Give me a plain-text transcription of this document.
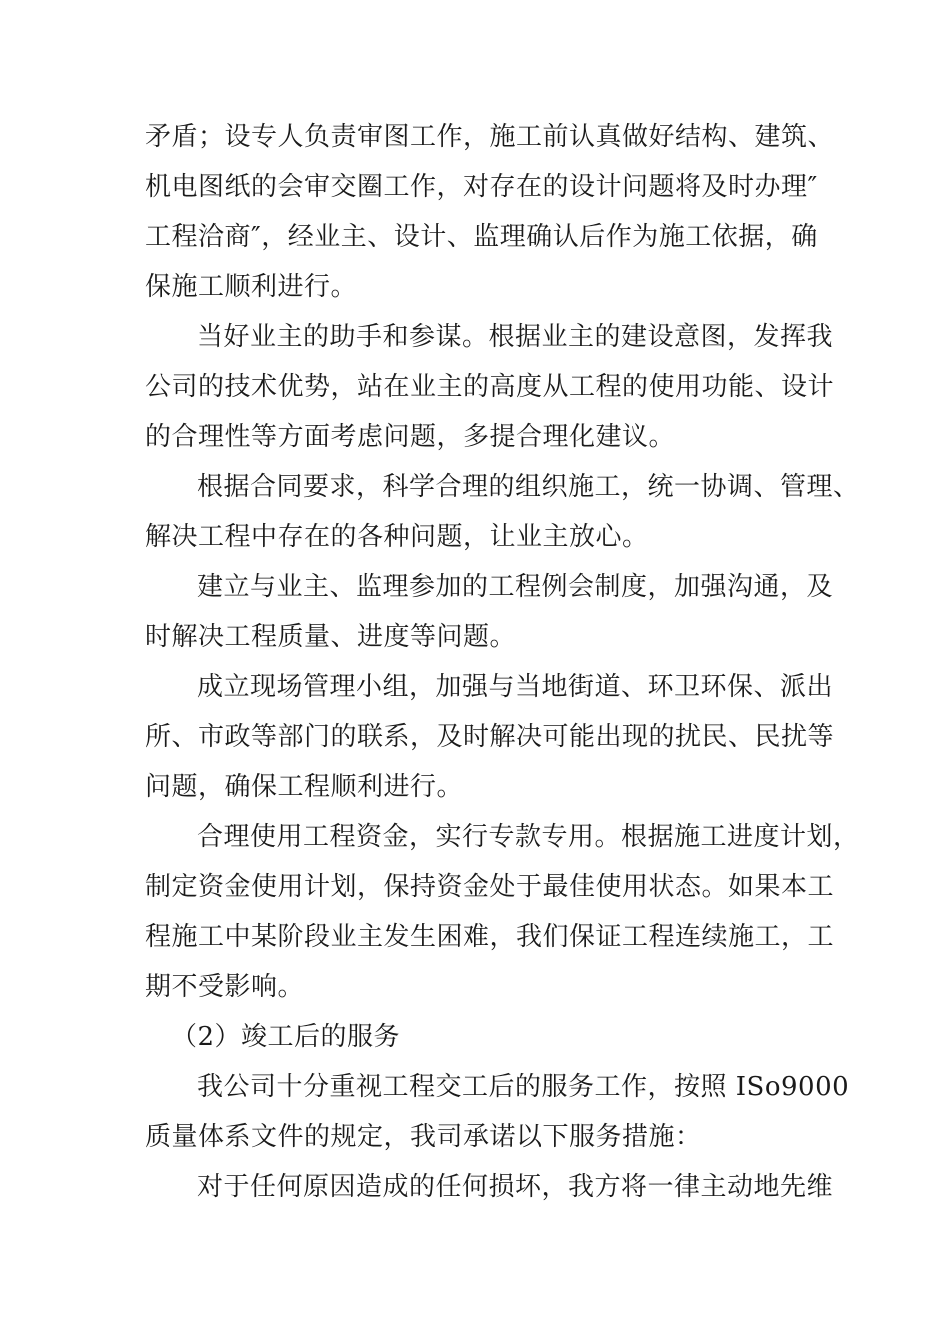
矛盾；设专人负责审图工作，施工前认真做好结构、建筑、
机电图纸的会审交圈工作，对存在的设计问题将及时办理″
工程洽商″，经业主、设计、监理确认后作为施工依据，确
保施工顺利进行。
当好业主的助手和参谋。根据业主的建设意图，发挥我
公司的技术优势，站在业主的高度从工程的使用功能、设计
的合理性等方面考虑问题，多提合理化建议。
根据合同要求，科学合理的组织施工，统一协调、管理、
解决工程中存在的各种问题，让业主放心。
建立与业主、监理参加的工程例会制度，加强沟通，及
时解决工程质量、进度等问题。
成立现场管理小组，加强与当地街道、环卫环保、派出
所、市政等部门的联系，及时解决可能出现的扰民、民扰等
问题，确保工程顺利进行。
合理使用工程资金，实行专款专用。根据施工进度计划，
制定资金使用计划，保持资金处于最佳使用状态。如果本工
程施工中某阶段业主发生困难，我们保证工程连续施工，工
期不受影响。
（2）竣工后的服务
我公司十分重视工程交工后的服务工作，按照 ISo9000
质量体系文件的规定，我司承诺以下服务措施：
对于任何原因造成的任何损坏，我方将一律主动地先维
